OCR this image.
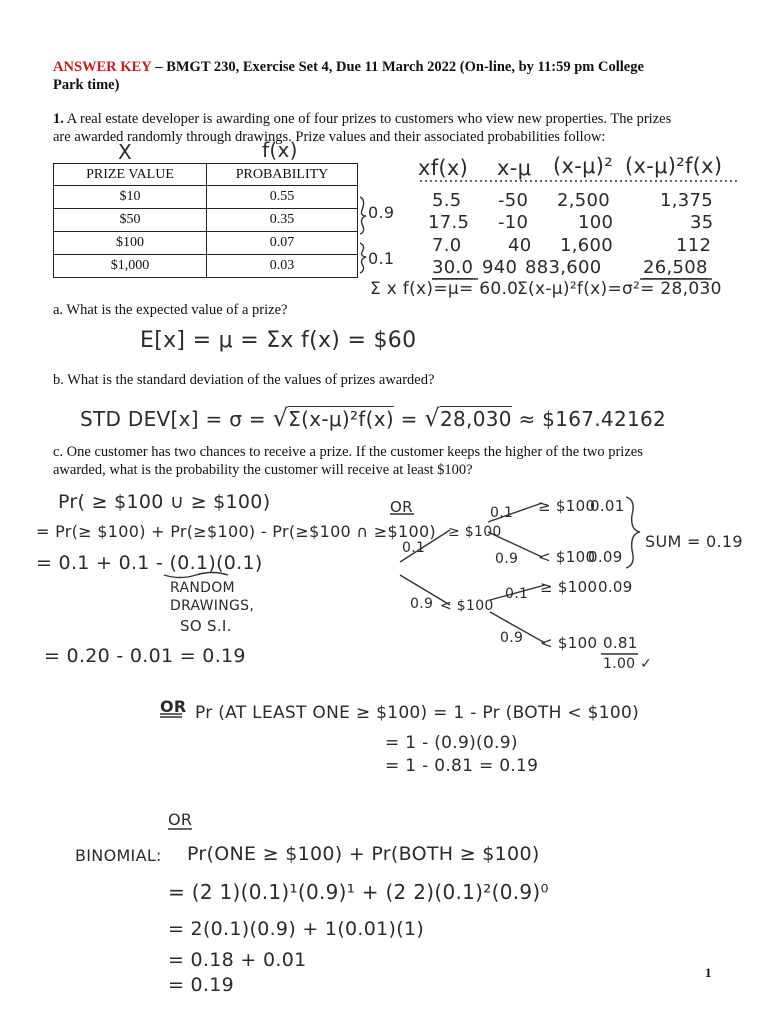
ANSWER KEY – BMGT 230, Exercise Set 4, Due 11 March 2022 (On-line, by 11:59 pm College
Park time)
1. A real estate developer is awarding one of four prizes to customers who view new properties. The prizes
are awarded randomly through drawings. Prize values and their associated probabilities follow:
X	f(x)
PRIZE VALUE	PROBABILITY
$10	0.55
$50	0.35
$100	0.07
$1,000	0.03
0.9
0.1
xf(x) x-μ (x-μ)² (x-μ)²f(x)
5.5 -50 2,500	1,375
17.5 -10	100	35
7.0	40 1,600	112
30.0 940 883,600 26,508
Σ x f(x)=μ= 60.0
Σ(x-μ)²f(x)=σ²= 28,030
a. What is the expected value of a prize?
E[x] = μ = Σx f(x) = $60
b. What is the standard deviation of the values of prizes awarded?
STD DEV[x] = σ = √Σ(x-μ)²f(x) = √28,030 ≈ $167.42162
c. One customer has two chances to receive a prize. If the customer keeps the higher of the two prizes
awarded, what is the probability the customer will receive at least $100?
Pr( ≥ $100 ∪ ≥ $100)
= Pr(≥ $100) + Pr(≥$100) - Pr(≥$100 ∩ ≥$100)
= 0.1 + 0.1 - (0.1)(0.1)
RANDOM
DRAWINGS,
SO S.I.
= 0.20 - 0.01 = 0.19
OR
0.1
≥ $100
0.9 < $100
0.1 ≥ $100
0.01
0.9 < $100
0.09
0.1 ≥ $100 0.09
0.9 < $100 0.81
1.00 ✓
SUM = 0.19
OR Pr (AT LEAST ONE ≥ $100) = 1 - Pr (BOTH < $100)
= 1 - (0.9)(0.9)
= 1 - 0.81 = 0.19
OR
BINOMIAL: Pr(ONE ≥ $100) + Pr(BOTH ≥ $100)
= (2 1)(0.1)¹(0.9)¹ + (2 2)(0.1)²(0.9)⁰
= 2(0.1)(0.9) + 1(0.01)(1)
= 0.18 + 0.01
= 0.19
1
